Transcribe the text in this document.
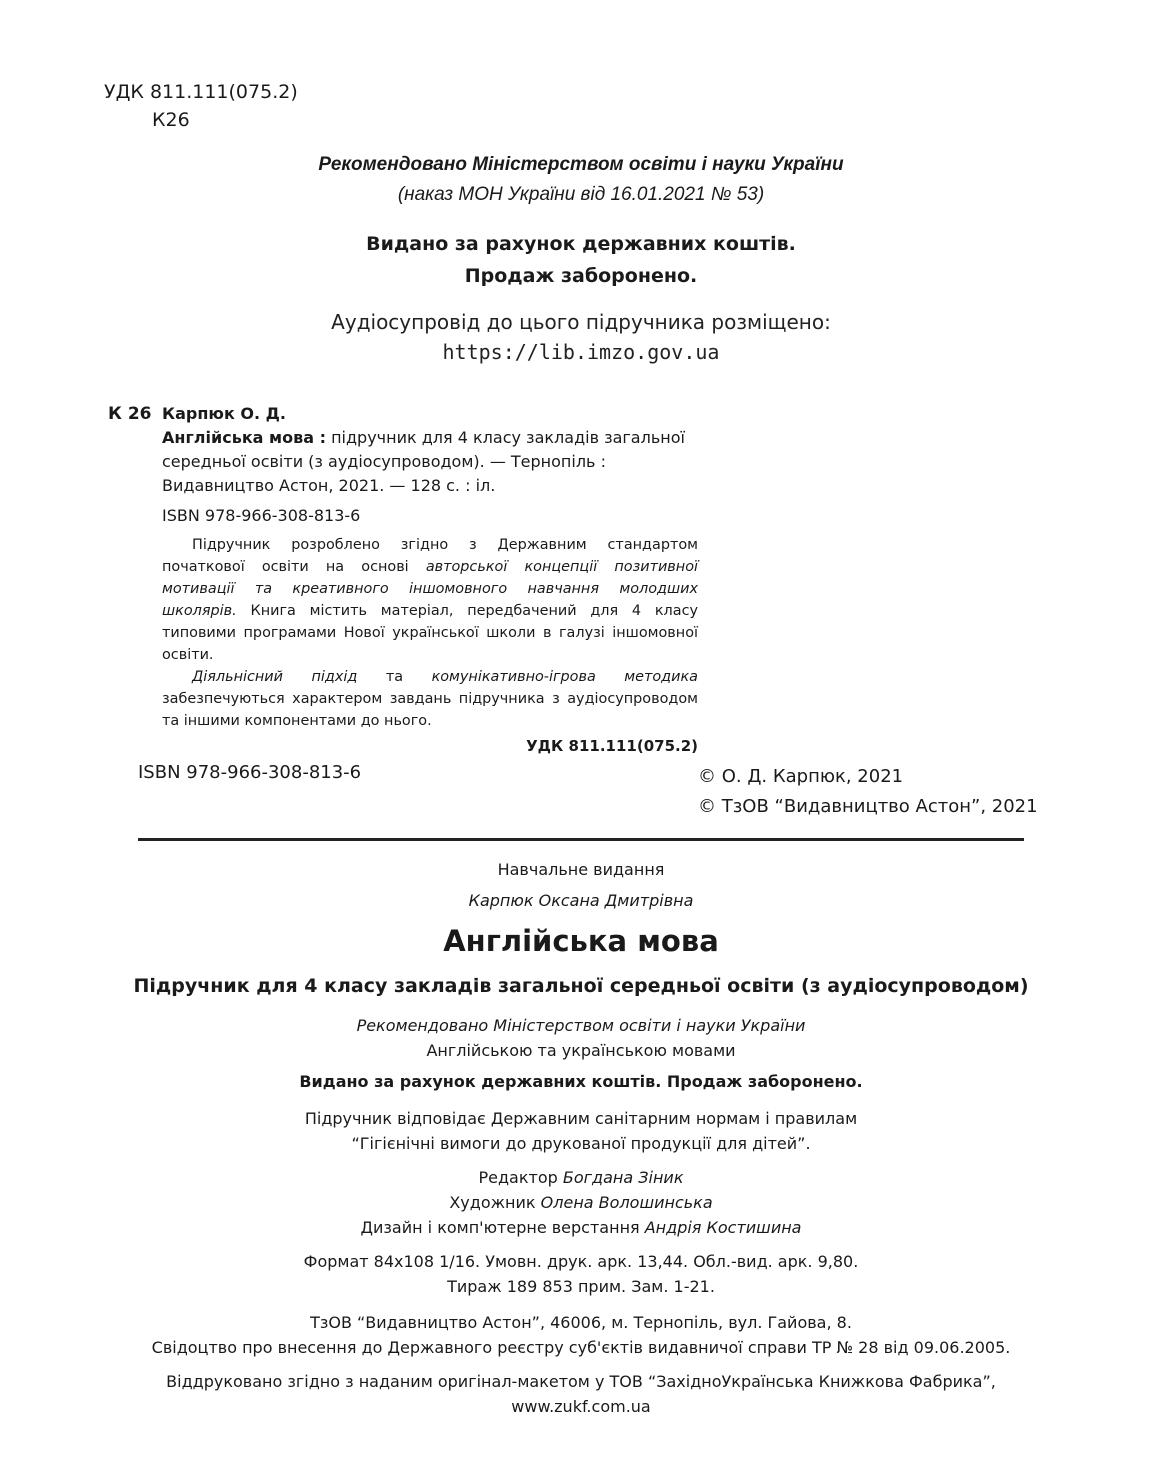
УДК 811.111(075.2)
К26
Рекомендовано Міністерством освіти і науки України
(наказ МОН України від 16.01.2021 № 53)
Видано за рахунок державних коштів.
Продаж заборонено.
Аудіосупровід до цього підручника розміщено:
https://lib.imzo.gov.ua
К 26 Карпюк О. Д.
Англійська мова : підручник для 4 класу закладів загальної середньої освіти (з аудіосупроводом). — Тернопіль : Видавництво Астон, 2021. — 128 с. : іл.
ISBN 978-966-308-813-6

Підручник розроблено згідно з Державним стандартом початкової освіти на основі авторської концепції позитивної мотивації та креативного іншомовного навчання молодших школярів. Книга містить матеріал, передбачений для 4 класу типовими програмами Нової української школи в галузі іншомовної освіти.

Діяльнісний підхід та комунікативно-ігрова методика забезпечуються характером завдань підручника з аудіосупроводом та іншими компонентами до нього.

УДК 811.111(075.2)
ISBN 978-966-308-813-6	© О. Д. Карпюк, 2021
© ТзОВ “Видавництво Астон”, 2021
Навчальне видання
Карпюк Оксана Дмитрівна
Англійська мова
Підручник для 4 класу закладів загальної середньої освіти (з аудіосупроводом)
Рекомендовано Міністерством освіти і науки України
Англійською та українською мовами
Видано за рахунок державних коштів. Продаж заборонено.
Підручник відповідає Державним санітарним нормам і правилам
“Гігієнічні вимоги до друкованої продукції для дітей”.
Редактор Богдана Зіник
Художник Олена Волошинська
Дизайн і комп'ютерне верстання Андрія Костишина
Формат 84x108 1/16. Умовн. друк. арк. 13,44. Обл.-вид. арк. 9,80.
Тираж 189 853 прим. Зам. 1-21.
ТзОВ “Видавництво Астон”, 46006, м. Тернопіль, вул. Гайова, 8.
Свідоцтво про внесення до Державного реєстру суб'єктів видавничої справи ТР № 28 від 09.06.2005.
Віддруковано згідно з наданим оригінал-макетом у ТОВ “ЗахідноУкраїнська Книжкова Фабрика”,
www.zukf.com.ua
